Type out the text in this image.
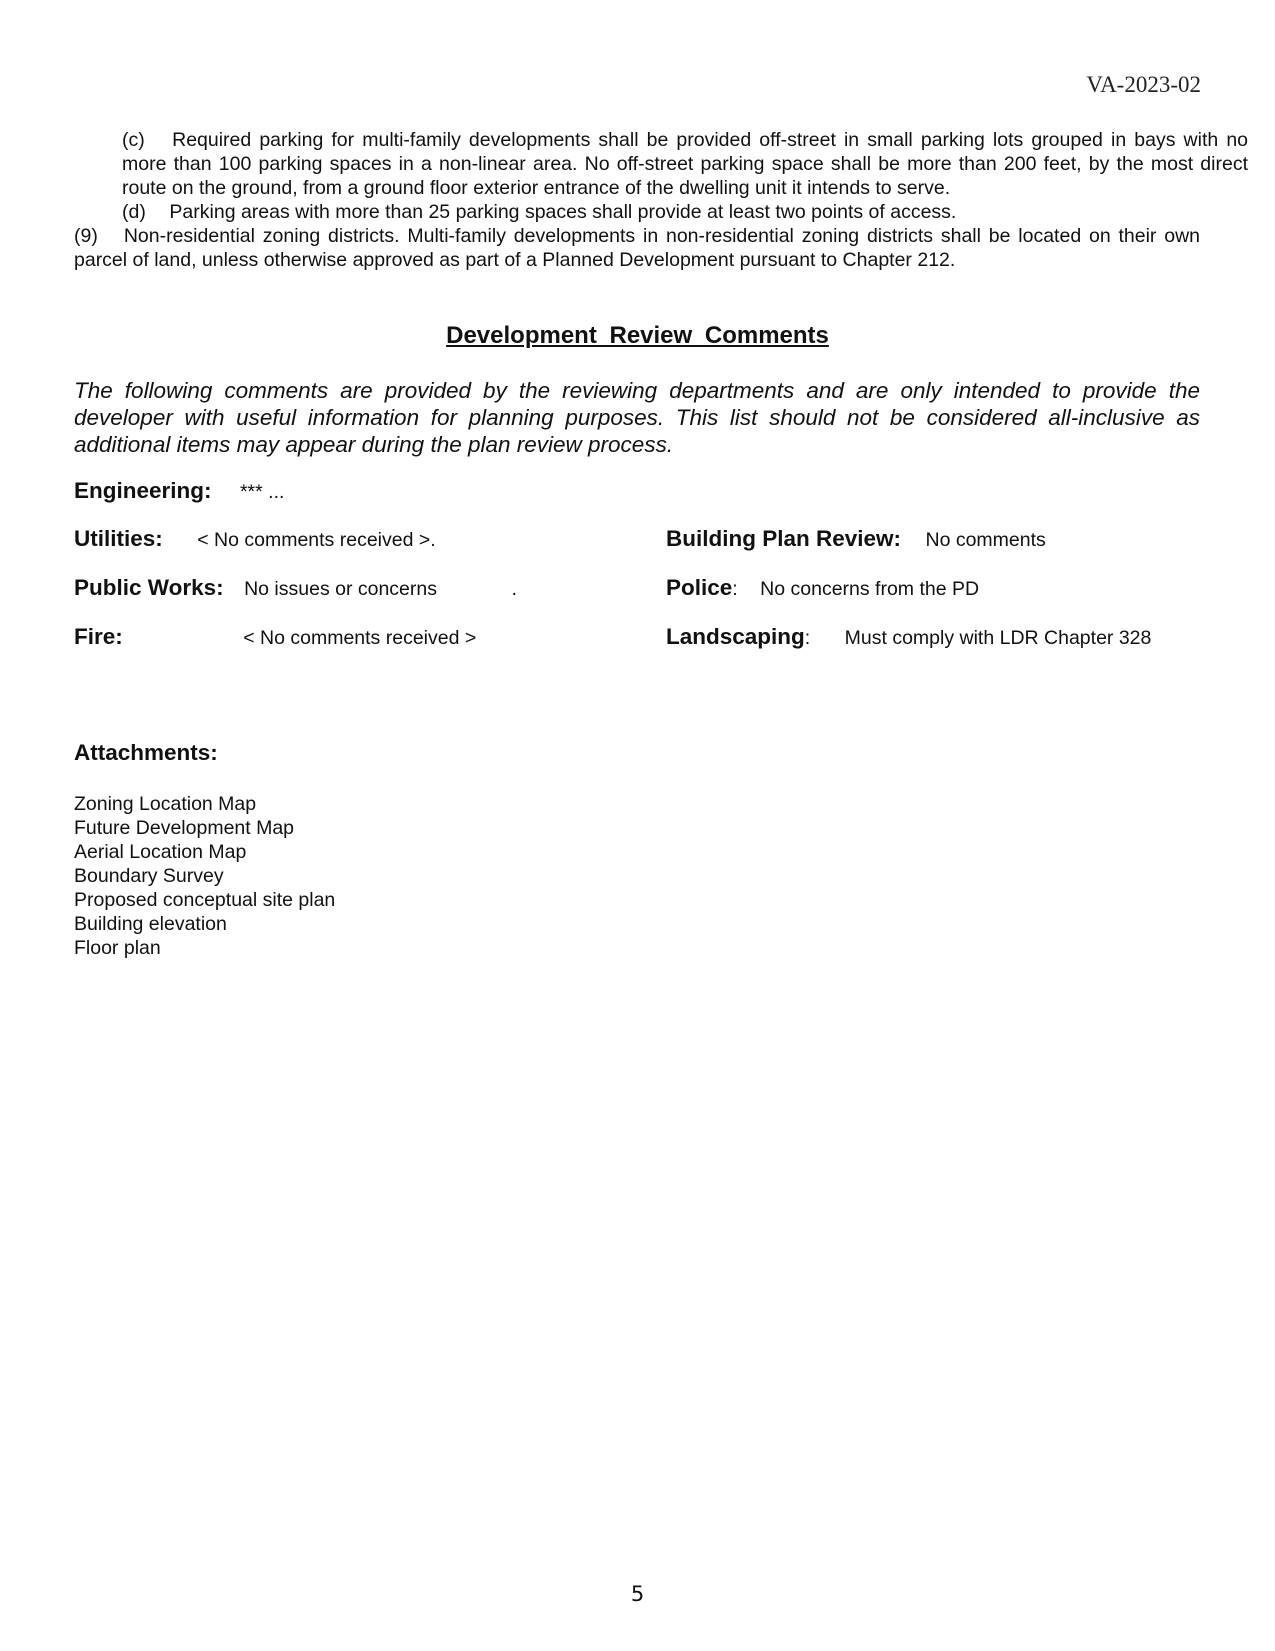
VA-2023-02
(c) Required parking for multi-family developments shall be provided off-street in small parking lots grouped in bays with no more than 100 parking spaces in a non-linear area. No off-street parking space shall be more than 200 feet, by the most direct route on the ground, from a ground floor exterior entrance of the dwelling unit it intends to serve.
(d) Parking areas with more than 25 parking spaces shall provide at least two points of access.
(9) Non-residential zoning districts. Multi-family developments in non-residential zoning districts shall be located on their own parcel of land, unless otherwise approved as part of a Planned Development pursuant to Chapter 212.
Development Review Comments
The following comments are provided by the reviewing departments and are only intended to provide the developer with useful information for planning purposes. This list should not be considered all-inclusive as additional items may appear during the plan review process.
Engineering: *** ...
Utilities: < No comments received >.	Building Plan Review: No comments
Public Works: No issues or concerns	.	Police: No concerns from the PD
Fire:	< No comments received >	Landscaping: Must comply with LDR Chapter 328
Attachments:
Zoning Location Map
Future Development Map
Aerial Location Map
Boundary Survey
Proposed conceptual site plan
Building elevation
Floor plan
5
